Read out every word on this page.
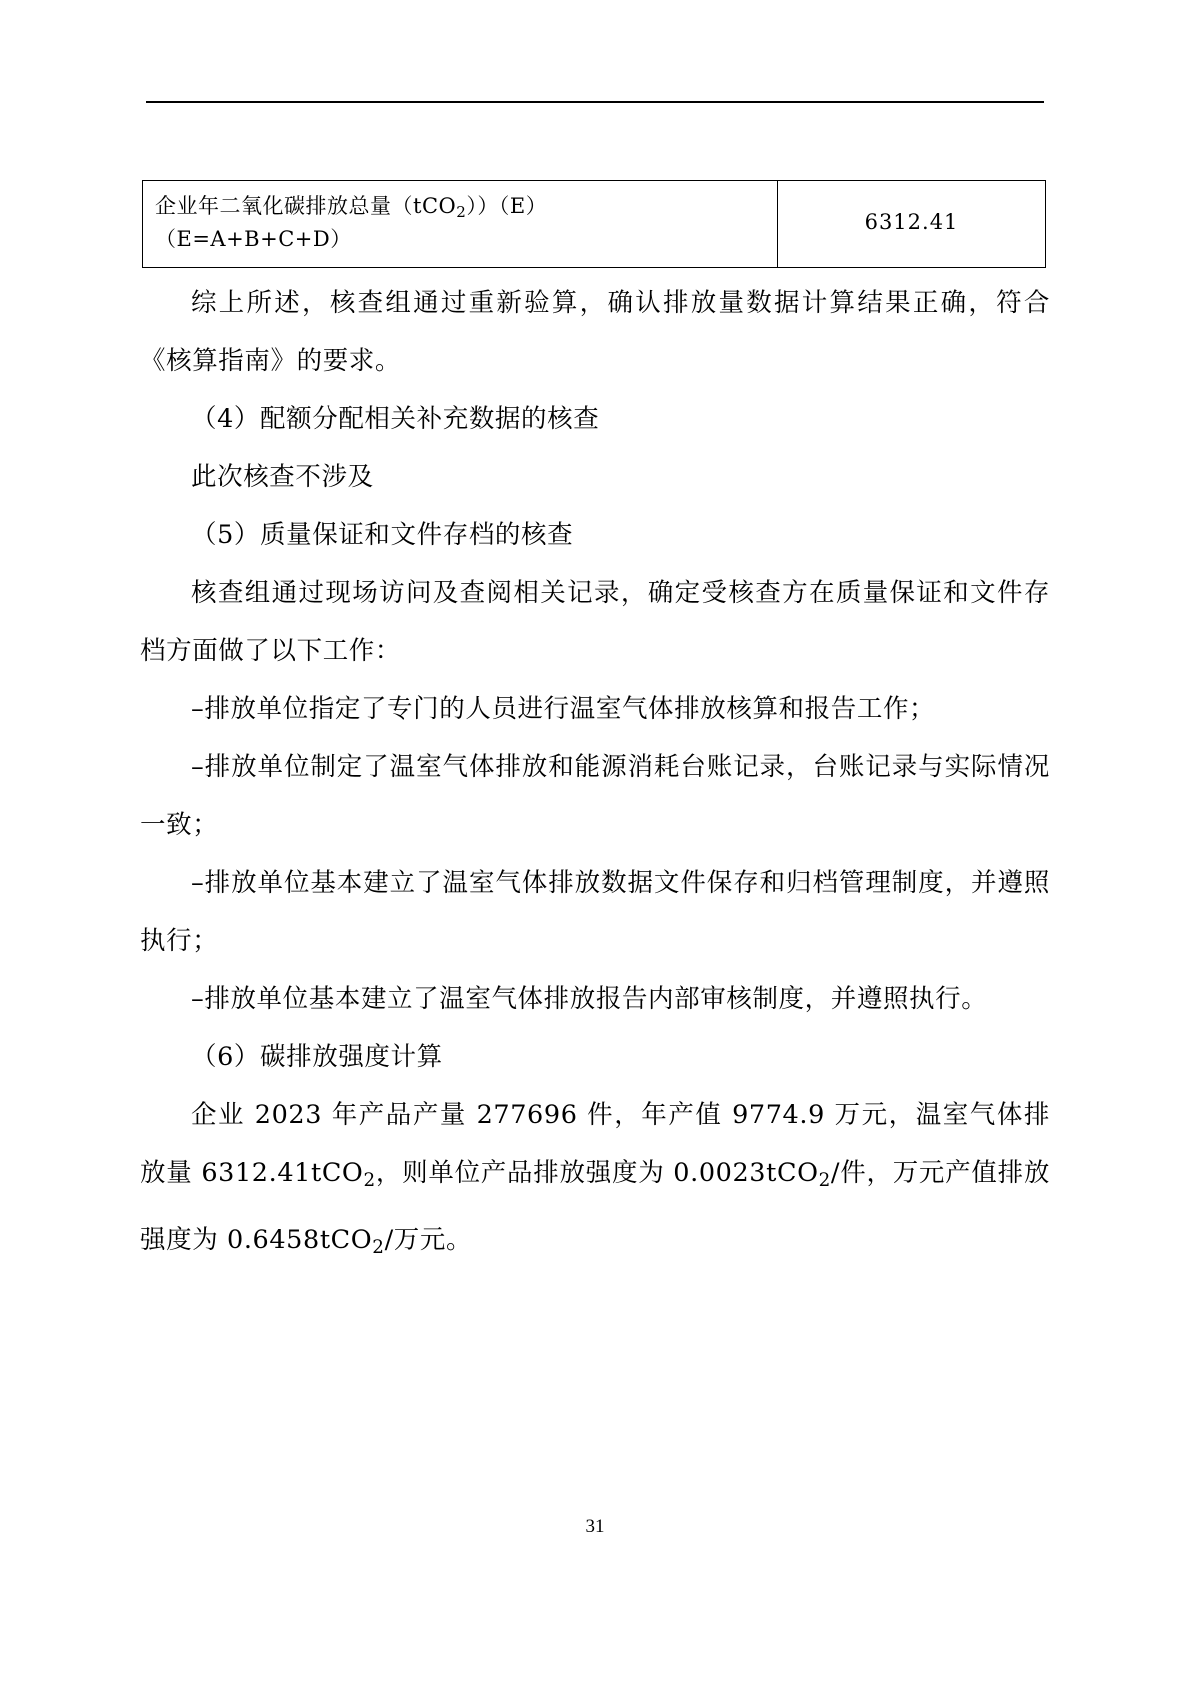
企业年二氧化碳排放总量（tCO$_2$））（E）
（E=A+B+C+D）
	6312.41

综上所述，核查组通过重新验算，确认排放量数据计算结果正确，符合《核算指南》的要求。

（4）配额分配相关补充数据的核查

此次核查不涉及

（5）质量保证和文件存档的核查

核查组通过现场访问及查阅相关记录，确定受核查方在质量保证和文件存档方面做了以下工作：

–排放单位指定了专门的人员进行温室气体排放核算和报告工作；

–排放单位制定了温室气体排放和能源消耗台账记录，台账记录与实际情况一致；

–排放单位基本建立了温室气体排放数据文件保存和归档管理制度，并遵照执行；

–排放单位基本建立了温室气体排放报告内部审核制度，并遵照执行。

（6）碳排放强度计算

企业 2023 年产品产量 277696 件，年产值 9774.9 万元，温室气体排放量 6312.41tCO$_2$，则单位产品排放强度为 0.0023tCO$_2$/件，万元产值排放强度为 0.6458tCO$_2$/万元。

31
